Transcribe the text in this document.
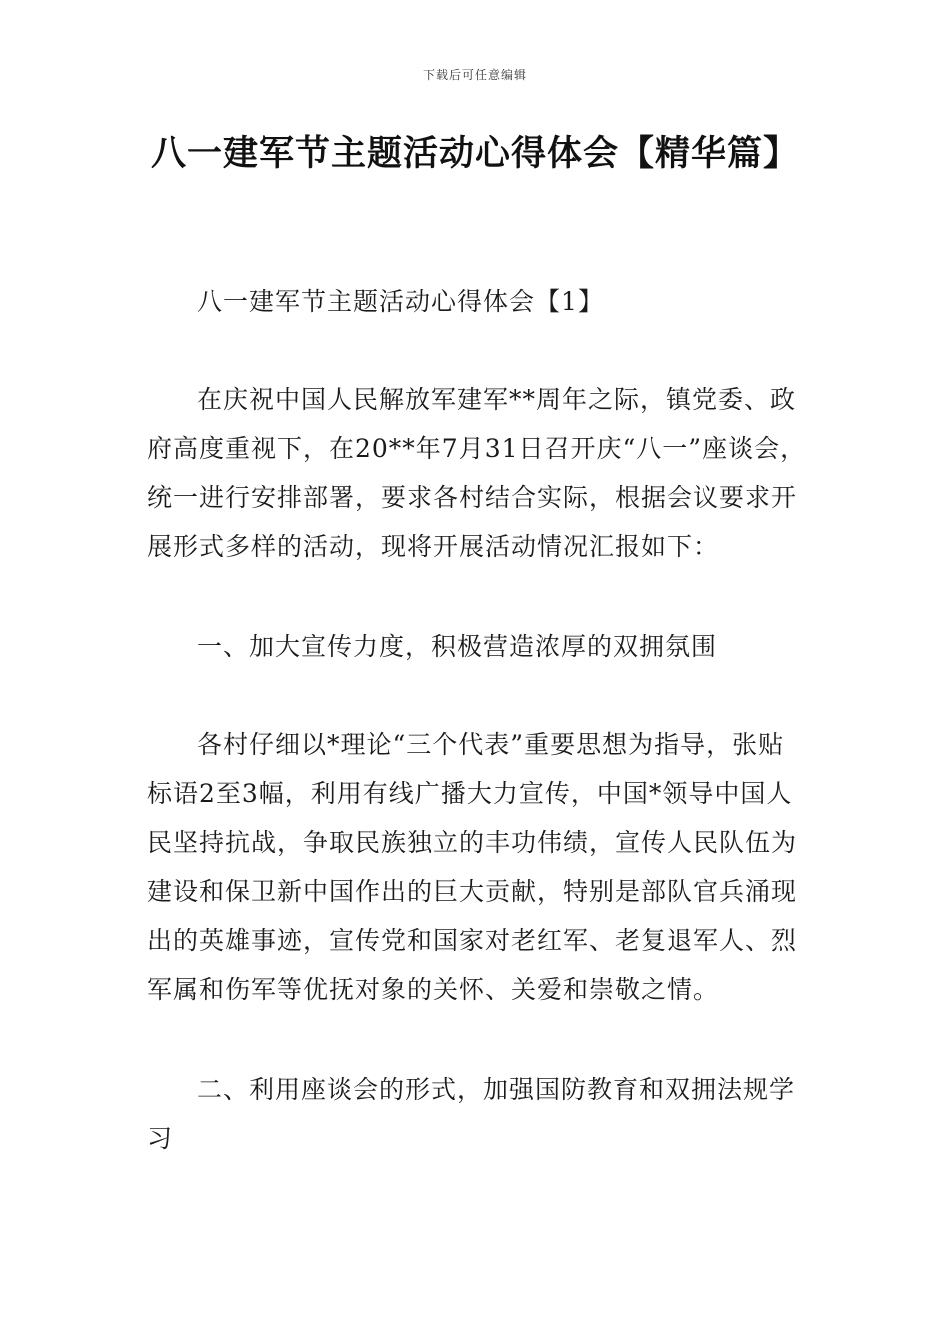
下载后可任意编辑
八一建军节主题活动心得体会【精华篇】

八一建军节主题活动心得体会【1】

在庆祝中国人民解放军建军**周年之际，镇党委、政府高度重视下，在20**年7月31日召开庆“八一”座谈会，统一进行安排部署，要求各村结合实际，根据会议要求开展形式多样的活动，现将开展活动情况汇报如下：

一、加大宣传力度，积极营造浓厚的双拥氛围

各村仔细以*理论“三个代表”重要思想为指导，张贴标语2至3幅，利用有线广播大力宣传，中国*领导中国人民坚持抗战，争取民族独立的丰功伟绩，宣传人民队伍为建设和保卫新中国作出的巨大贡献，特别是部队官兵涌现出的英雄事迹，宣传党和国家对老红军、老复退军人、烈军属和伤军等优抚对象的关怀、关爱和崇敬之情。

二、利用座谈会的形式，加强国防教育和双拥法规学习
